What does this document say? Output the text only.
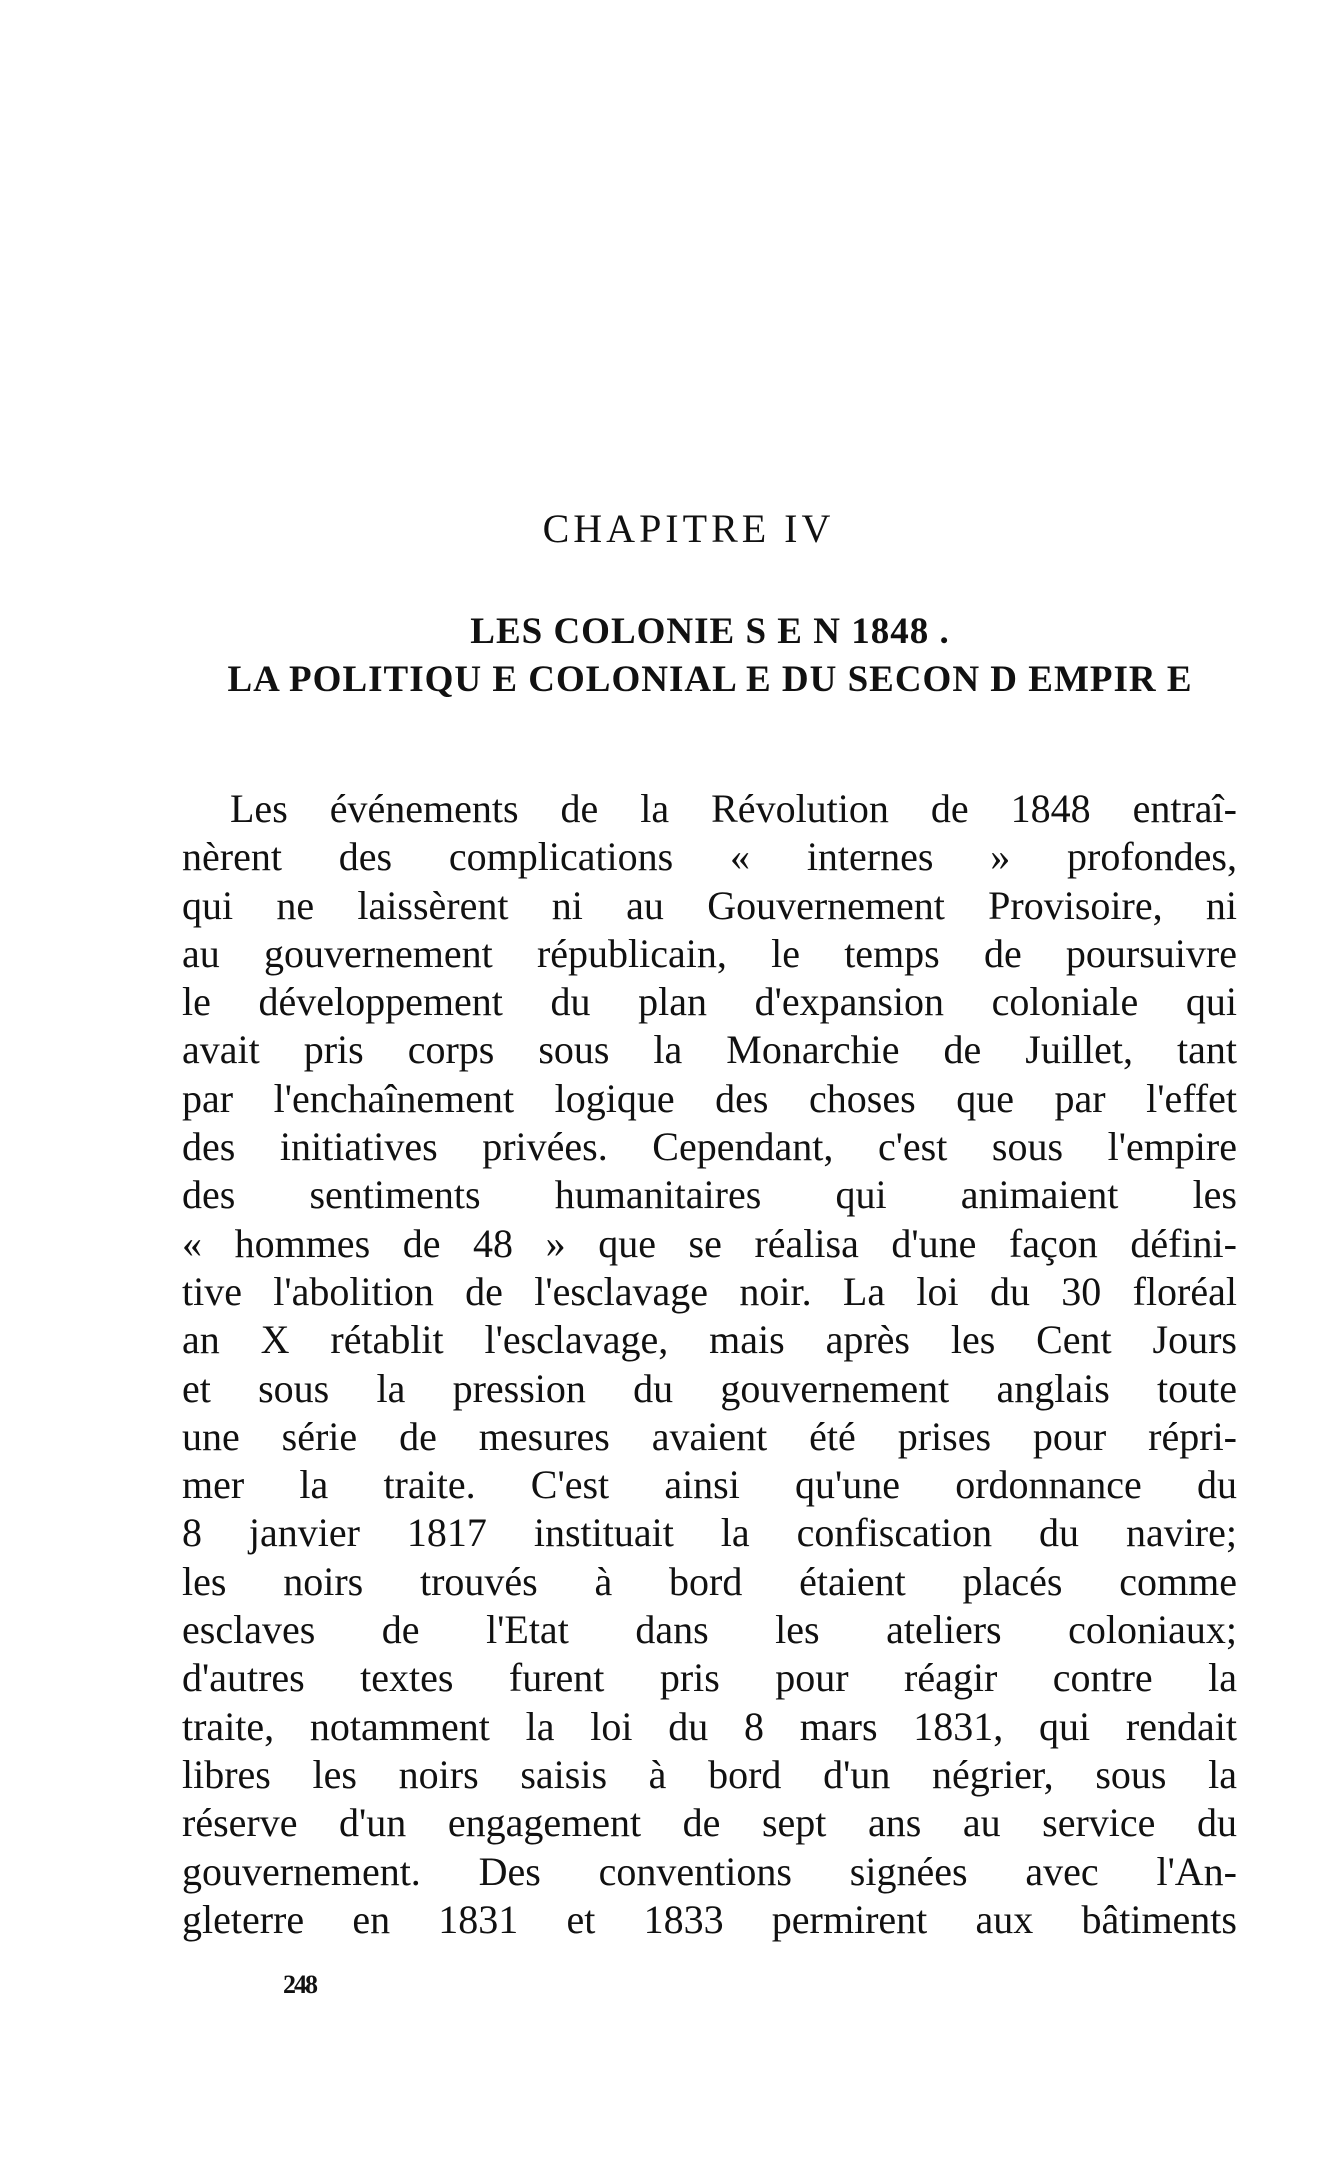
CHAPITRE IV
LES COLONIE S E N 1848 .
LA POLITIQU E COLONIAL E DU SECON D EMPIR E
Les événements de la Révolution de 1848 entraî-
nèrent des complications « internes » profondes,
qui ne laissèrent ni au Gouvernement Provisoire, ni
au gouvernement républicain, le temps de poursuivre
le développement du plan d'expansion coloniale qui
avait pris corps sous la Monarchie de Juillet, tant
par l'enchaînement logique des choses que par l'effet
des initiatives privées. Cependant, c'est sous l'empire
des sentiments humanitaires qui animaient les
« hommes de 48 » que se réalisa d'une façon défini-
tive l'abolition de l'esclavage noir. La loi du 30 floréal
an X rétablit l'esclavage, mais après les Cent Jours
et sous la pression du gouvernement anglais toute
une série de mesures avaient été prises pour répri-
mer la traite. C'est ainsi qu'une ordonnance du
8 janvier 1817 instituait la confiscation du navire;
les noirs trouvés à bord étaient placés comme
esclaves de l'Etat dans les ateliers coloniaux;
d'autres textes furent pris pour réagir contre la
traite, notamment la loi du 8 mars 1831, qui rendait
libres les noirs saisis à bord d'un négrier, sous la
réserve d'un engagement de sept ans au service du
gouvernement. Des conventions signées avec l'An-
gleterre en 1831 et 1833 permirent aux bâtiments
248
